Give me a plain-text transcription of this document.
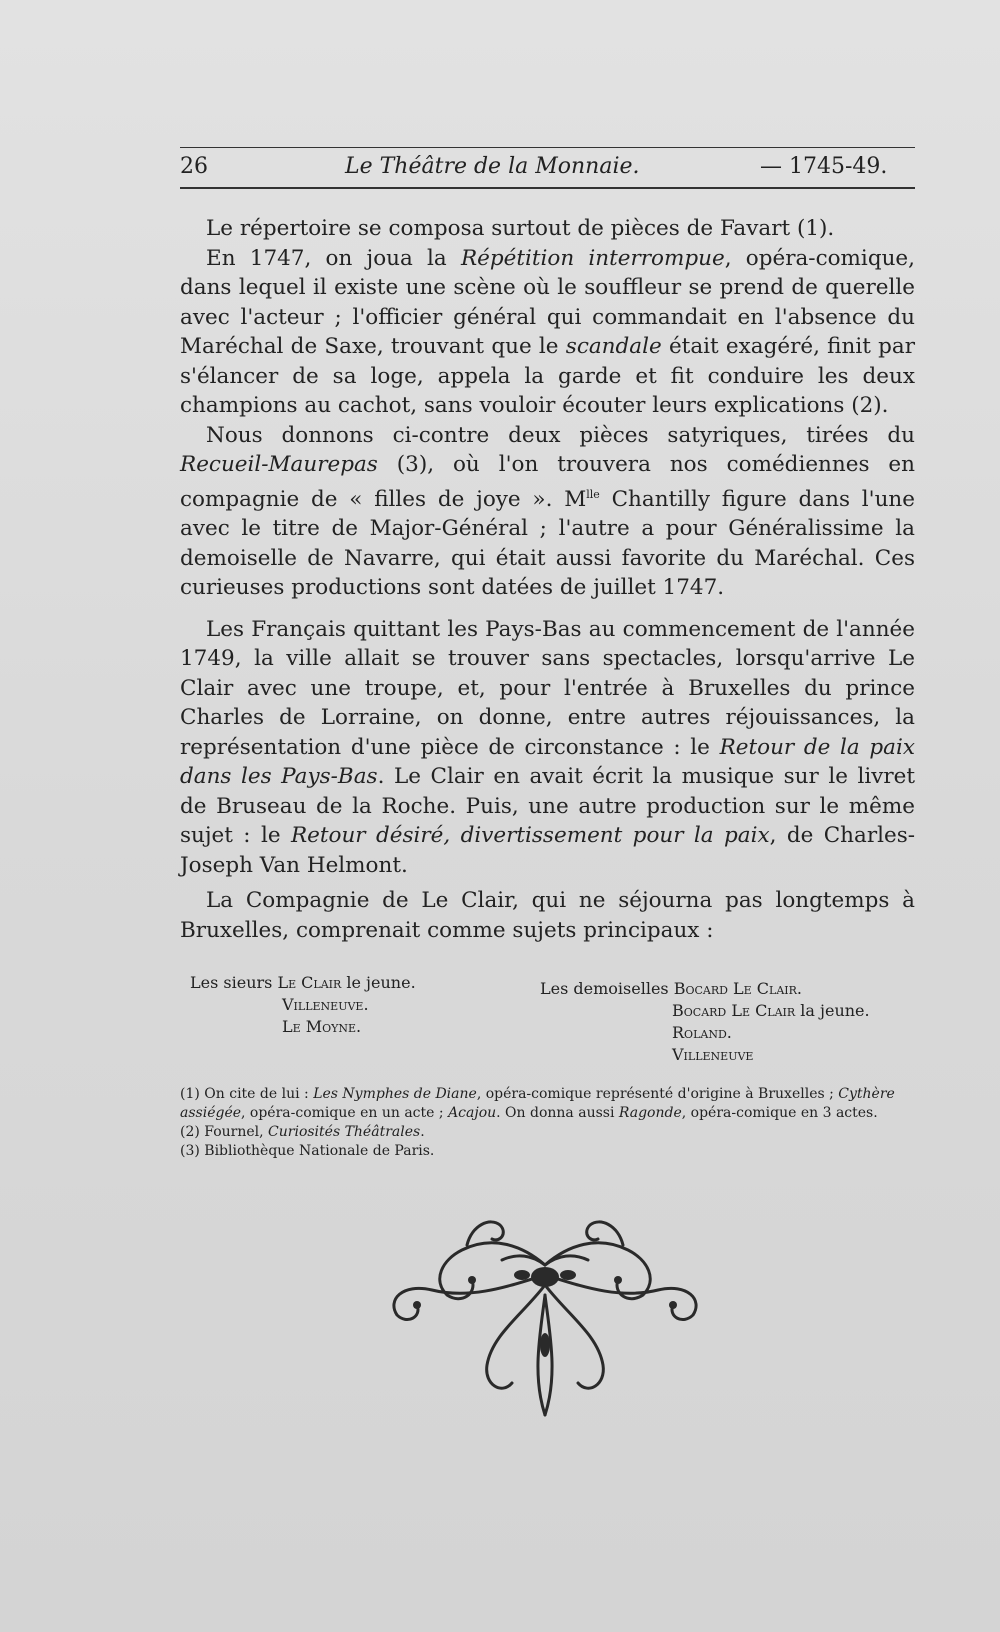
26	Le Théâtre de la Monnaie.	— 1745-49.

Le répertoire se composa surtout de pièces de Favart (1).

En 1747, on joua la Répétition interrompue, opéra-comique, dans lequel il existe une scène où le souffleur se prend de querelle avec l'acteur ; l'officier général qui commandait en l'absence du Maréchal de Saxe, trouvant que le scandale était exagéré, finit par s'élancer de sa loge, appela la garde et fit conduire les deux champions au cachot, sans vouloir écouter leurs explications (2).

Nous donnons ci-contre deux pièces satyriques, tirées du Recueil-Maurepas (3), où l'on trouvera nos comédiennes en compagnie de « filles de joye ». $M^{lle}$ Chantilly figure dans l'une avec le titre de Major-Général ; l'autre a pour Généralissime la demoiselle de Navarre, qui était aussi favorite du Maréchal. Ces curieuses productions sont datées de juillet 1747.

Les Français quittant les Pays-Bas au commencement de l'année 1749, la ville allait se trouver sans spectacles, lorsqu'arrive Le Clair avec une troupe, et, pour l'entrée à Bruxelles du prince Charles de Lorraine, on donne, entre autres réjouissances, la représentation d'une pièce de circonstance : le Retour de la paix dans les Pays-Bas. Le Clair en avait écrit la musique sur le livret de Bruseau de la Roche. Puis, une autre production sur le même sujet : le Retour désiré, divertissement pour la paix, de Charles-Joseph Van Helmont.

La Compagnie de Le Clair, qui ne séjourna pas longtemps à Bruxelles, comprenait comme sujets principaux :

Les sieurs Le Clair le jeune.
Villeneuve.
Le Moyne.
Les demoiselles Bocard Le Clair.
Bocard Le Clair la jeune.
Roland.
Villeneuve

(1) On cite de lui : Les Nymphes de Diane, opéra-comique représenté d'origine à Bruxelles ; Cythère assiégée, opéra-comique en un acte ; Acajou. On donna aussi Ragonde, opéra-comique en 3 actes.

(2) Fournel, Curiosités Théâtrales.

(3) Bibliothèque Nationale de Paris.
